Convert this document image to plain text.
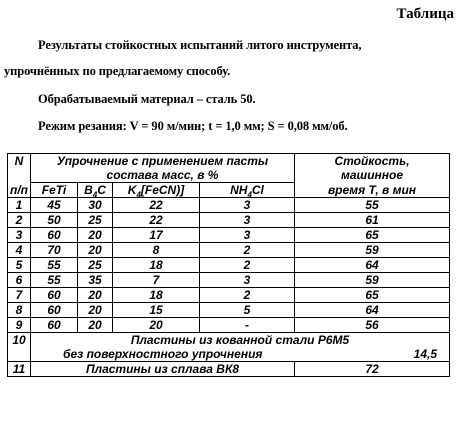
Таблица
Результаты стойкостных испытаний литого инструмента,
упрочнённых по предлагаемому способу.
Обрабатываемый материал – сталь 50.
Режим резания: V = 90 м/мин; t = 1,0 мм; S = 0,08 мм/об.
N	Упрочнение с применением пасты				Стойкость,
	состава масс, в %				машинное
п/п	FeTi	$B_4C$	$K_4[FeCN)$]	$NH_4Cl$	время Т, в мин
1	45	30	22	3	55
2	50	25	22	3	61
3	60	20	17	3	65
4	70	20	8	2	59
5	55	25	18	2	64
6	55	35	7	3	59
7	60	20	18	2	65
8	60	20	15	5	64
9	60	20	20	-	56
10	Пластины из кованной стали Р6М5				
	без поверхностного упрочнения				14,5
11	Пластины из сплава ВК8				72
